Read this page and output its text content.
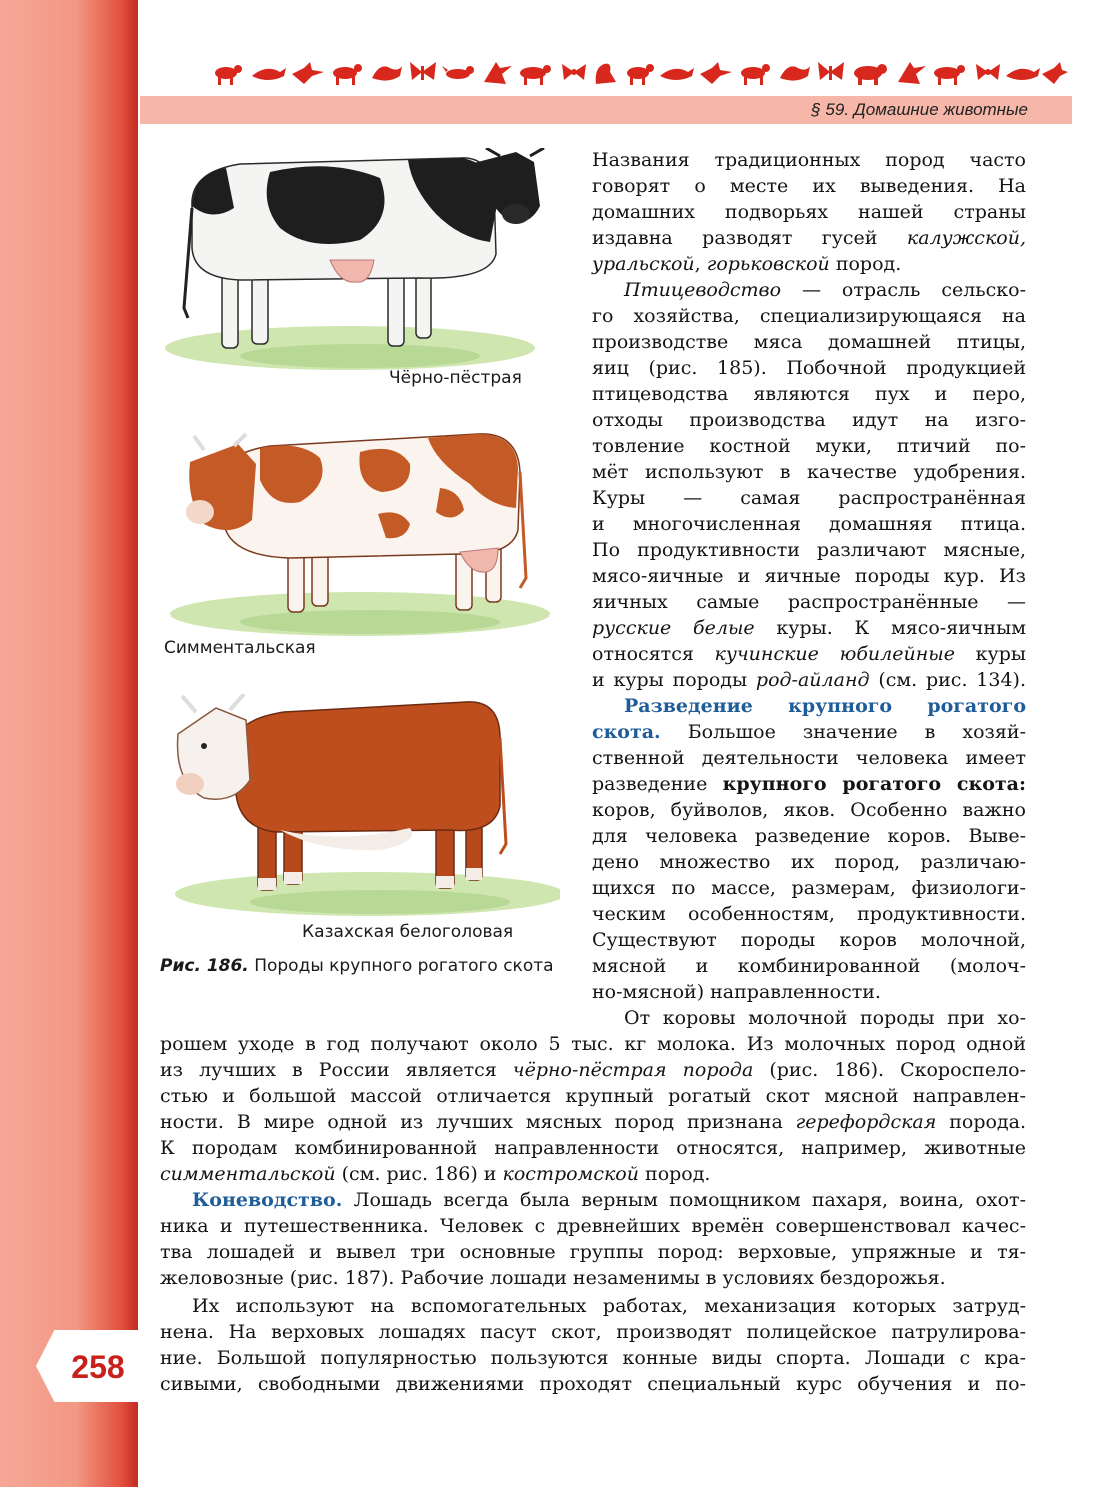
258
§ 59. Домашние животные
Чёрно-пёстрая
Симментальская
Казахская белоголовая
Рис. 186. Породы крупного рогатого скота
Названия традиционных пород часто
говорят о месте их выведения. На
домашних подворьях нашей страны
издавна разводят гусей калужской,
уральской, горьковской пород.
Птицеводство — отрасль сельско-
го хозяйства, специализирующаяся на
производстве мяса домашней птицы,
яиц (рис. 185). Побочной продукцией
птицеводства являются пух и перо,
отходы производства идут на изго-
товление костной муки, птичий по-
мёт используют в качестве удобрения.
Куры — самая распространённая
и многочисленная домашняя птица.
По продуктивности различают мясные,
мясо-яичные и яичные породы кур. Из
яичных самые распространённые —
русские белые куры. К мясо-яичным
относятся кучинские юбилейные куры
и куры породы род-айланд (см. рис. 134).
Разведение крупного рогатого
скота. Большое значение в хозяй-
ственной деятельности человека имеет
разведение крупного рогатого скота:
коров, буйволов, яков. Особенно важно
для человека разведение коров. Выве-
дено множество их пород, различаю-
щихся по массе, размерам, физиологи-
ческим особенностям, продуктивности.
Существуют породы коров молочной,
мясной и комбинированной (молоч-
но-мясной) направленности.
От коровы молочной породы при хо-
рошем уходе в год получают около 5 тыс. кг молока. Из молочных пород одной
из лучших в России является чёрно-пёстрая порода (рис. 186). Скороспело-
стью и большой массой отличается крупный рогатый скот мясной направлен-
ности. В мире одной из лучших мясных пород признана герефордская порода.
К породам комбинированной направленности относятся, например, животные
симментальской (см. рис. 186) и костромской пород.
Коневодство. Лошадь всегда была верным помощником пахаря, воина, охот-
ника и путешественника. Человек с древнейших времён совершенствовал качес-
тва лошадей и вывел три основные группы пород: верховые, упряжные и тя-
желовозные (рис. 187). Рабочие лошади незаменимы в условиях бездорожья.
Их используют на вспомогательных работах, механизация которых затруд-
нена. На верховых лошадях пасут скот, производят полицейское патрулирова-
ние. Большой популярностью пользуются конные виды спорта. Лошади с кра-
сивыми, свободными движениями проходят специальный курс обучения и по-
